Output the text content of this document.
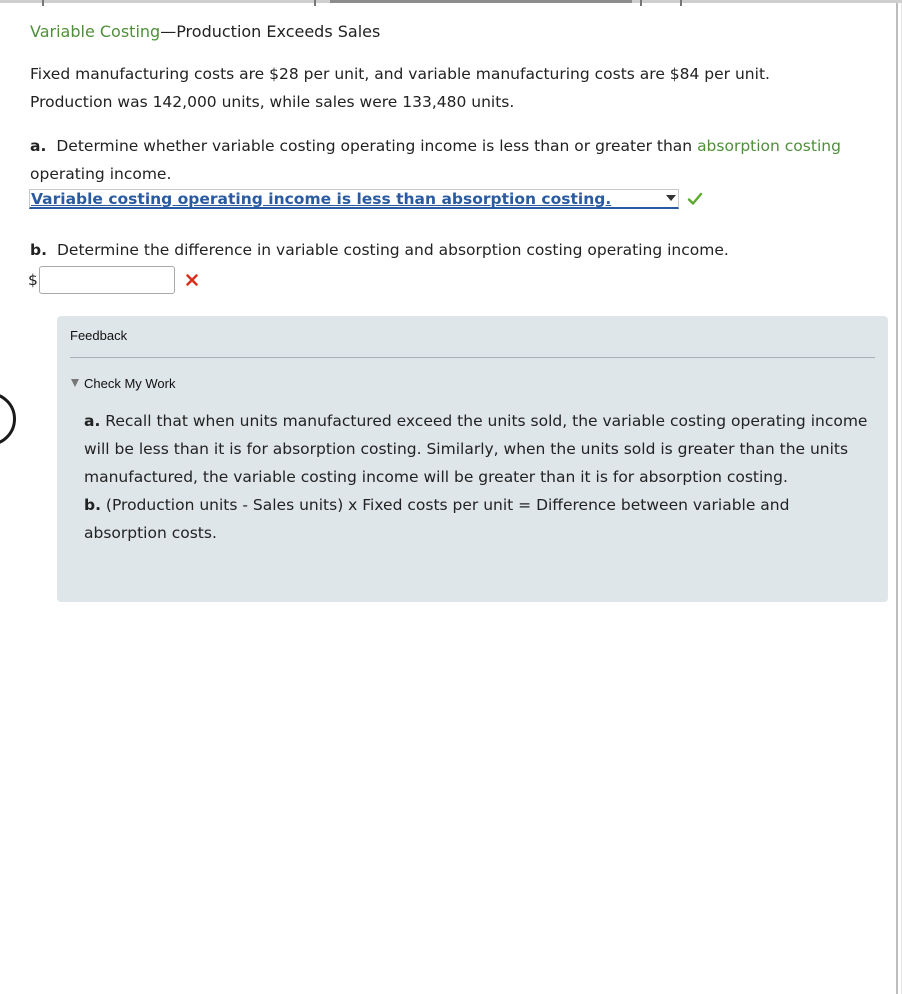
Variable Costing—Production Exceeds Sales
Fixed manufacturing costs are $28 per unit, and variable manufacturing costs are $84 per unit.
Production was 142,000 units, while sales were 133,480 units.
a. Determine whether variable costing operating income is less than or greater than absorption costing operating income.
Variable costing operating income is less than absorption costing.
b. Determine the difference in variable costing and absorption costing operating income.
$
Feedback
Check My Work
a. Recall that when units manufactured exceed the units sold, the variable costing operating income will be less than it is for absorption costing. Similarly, when the units sold is greater than the units manufactured, the variable costing income will be greater than it is for absorption costing.
b. (Production units - Sales units) x Fixed costs per unit = Difference between variable and absorption costs.
